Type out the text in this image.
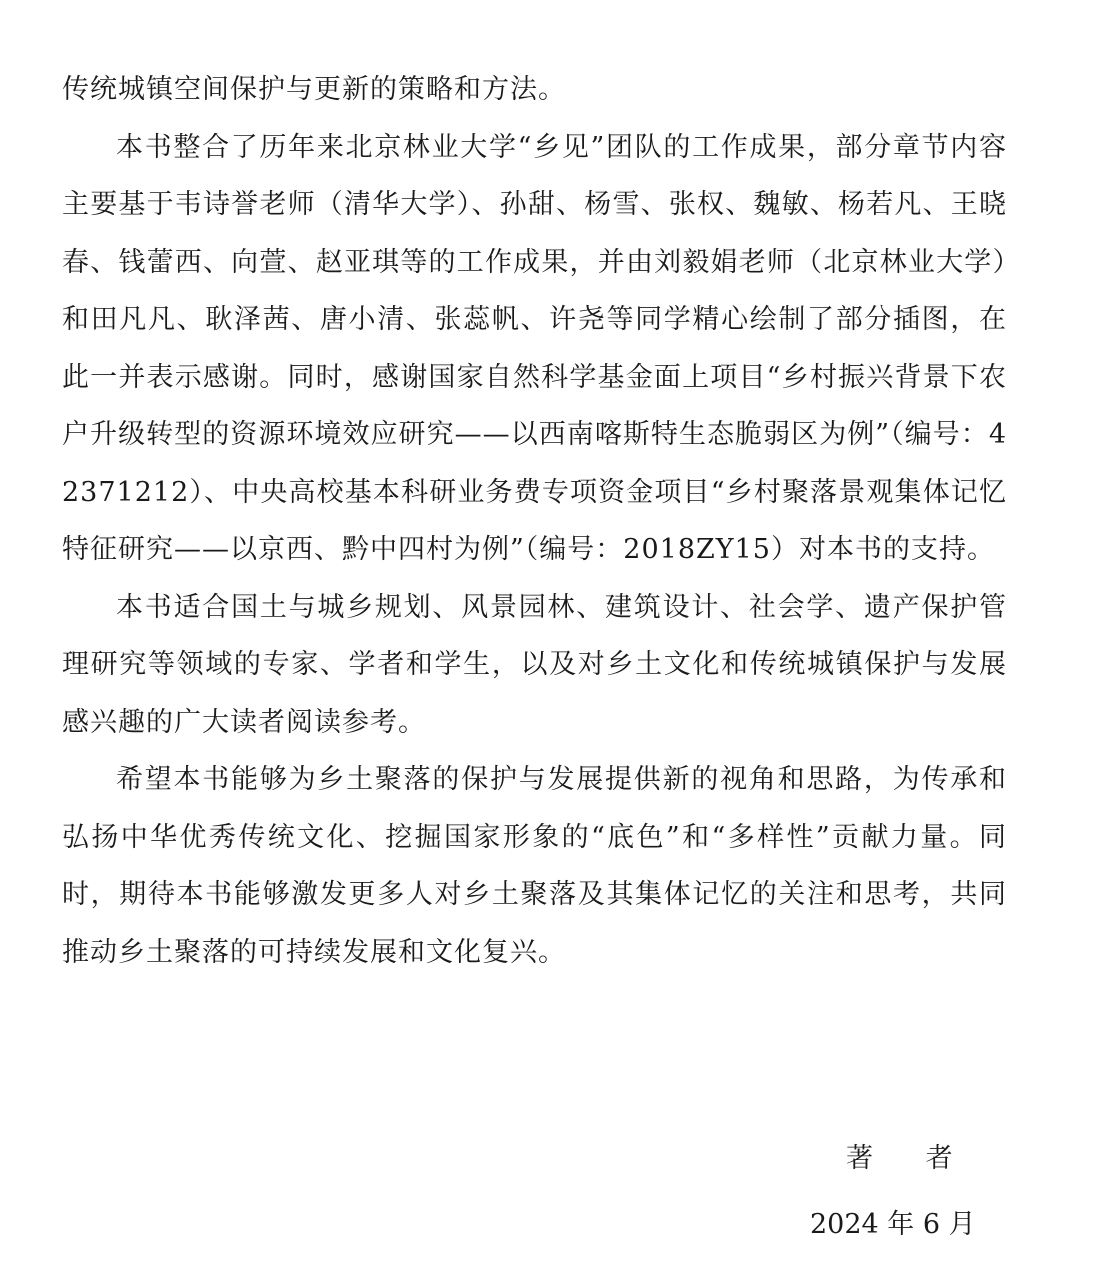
传统城镇空间保护与更新的策略和方法。

本书整合了历年来北京林业大学“乡见”团队的工作成果，部分章节内容主要基于韦诗誉老师（清华大学）、孙甜、杨雪、张权、魏敏、杨若凡、王晓春、钱蕾西、向萱、赵亚琪等的工作成果，并由刘毅娟老师（北京林业大学）和田凡凡、耿泽茜、唐小清、张蕊帆、许尧等同学精心绘制了部分插图，在此一并表示感谢。同时，感谢国家自然科学基金面上项目“乡村振兴背景下农户升级转型的资源环境效应研究——以西南喀斯特生态脆弱区为例”（编号：42371212）、中央高校基本科研业务费专项资金项目“乡村聚落景观集体记忆特征研究——以京西、黔中四村为例”（编号：2018ZY15）对本书的支持。

本书适合国土与城乡规划、风景园林、建筑设计、社会学、遗产保护管理研究等领域的专家、学者和学生，以及对乡土文化和传统城镇保护与发展感兴趣的广大读者阅读参考。

希望本书能够为乡土聚落的保护与发展提供新的视角和思路，为传承和弘扬中华优秀传统文化、挖掘国家形象的“底色”和“多样性”贡献力量。同时，期待本书能够激发更多人对乡土聚落及其集体记忆的关注和思考，共同推动乡土聚落的可持续发展和文化复兴。

著 者
2024 年 6 月
